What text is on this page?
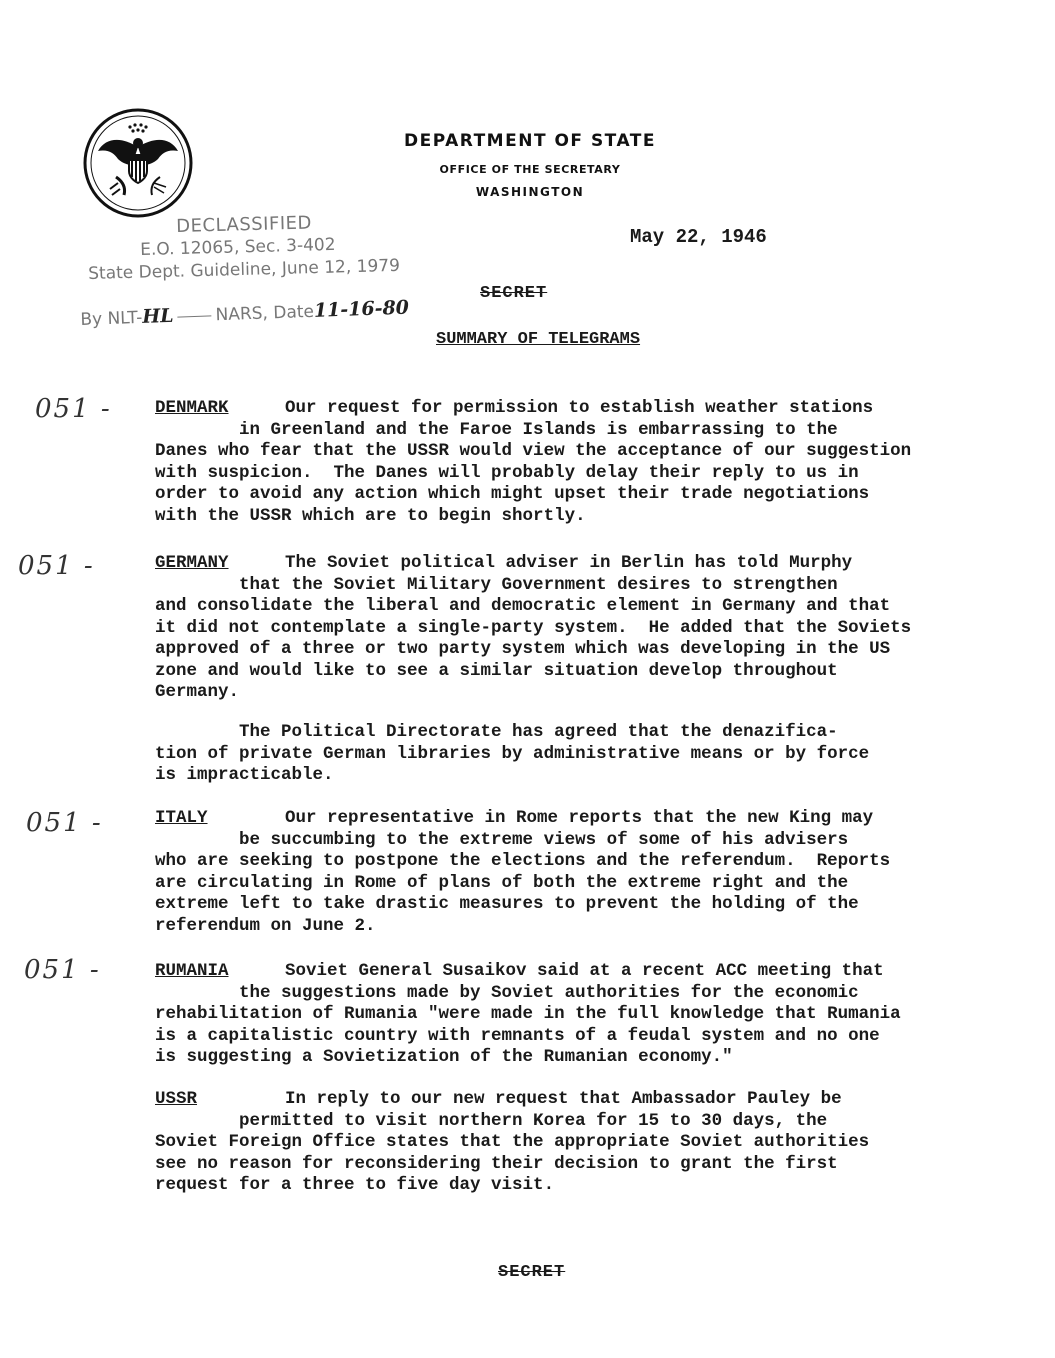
DEPARTMENT OF STATE
OFFICE OF THE SECRETARY
WASHINGTON
DECLASSIFIED
E.O. 12065, Sec. 3-402
State Dept. Guideline, June 12, 1979
By NLT-HL NARS, Date11-16-80
May 22, 1946
SECRET
SUMMARY OF TELEGRAMS
051 -
051 -
051 -
051 -
DENMARK	Our request for permission to establish weather stations
in Greenland and the Faroe Islands is embarrassing to the
Danes who fear that the USSR would view the acceptance of our suggestion
with suspicion.  The Danes will probably delay their reply to us in
order to avoid any action which might upset their trade negotiations
with the USSR which are to begin shortly.
GERMANY	The Soviet political adviser in Berlin has told Murphy
that the Soviet Military Government desires to strengthen
and consolidate the liberal and democratic element in Germany and that
it did not contemplate a single-party system.  He added that the Soviets
approved of a three or two party system which was developing in the US
zone and would like to see a similar situation develop throughout
Germany.
The Political Directorate has agreed that the denazifica-
tion of private German libraries by administrative means or by force
is impracticable.
ITALY	Our representative in Rome reports that the new King may
be succumbing to the extreme views of some of his advisers
who are seeking to postpone the elections and the referendum.  Reports
are circulating in Rome of plans of both the extreme right and the
extreme left to take drastic measures to prevent the holding of the
referendum on June 2.
RUMANIA	Soviet General Susaikov said at a recent ACC meeting that
the suggestions made by Soviet authorities for the economic
rehabilitation of Rumania "were made in the full knowledge that Rumania
is a capitalistic country with remnants of a feudal system and no one
is suggesting a Sovietization of the Rumanian economy."
USSR	In reply to our new request that Ambassador Pauley be
permitted to visit northern Korea for 15 to 30 days, the
Soviet Foreign Office states that the appropriate Soviet authorities
see no reason for reconsidering their decision to grant the first
request for a three to five day visit.
SECRET
